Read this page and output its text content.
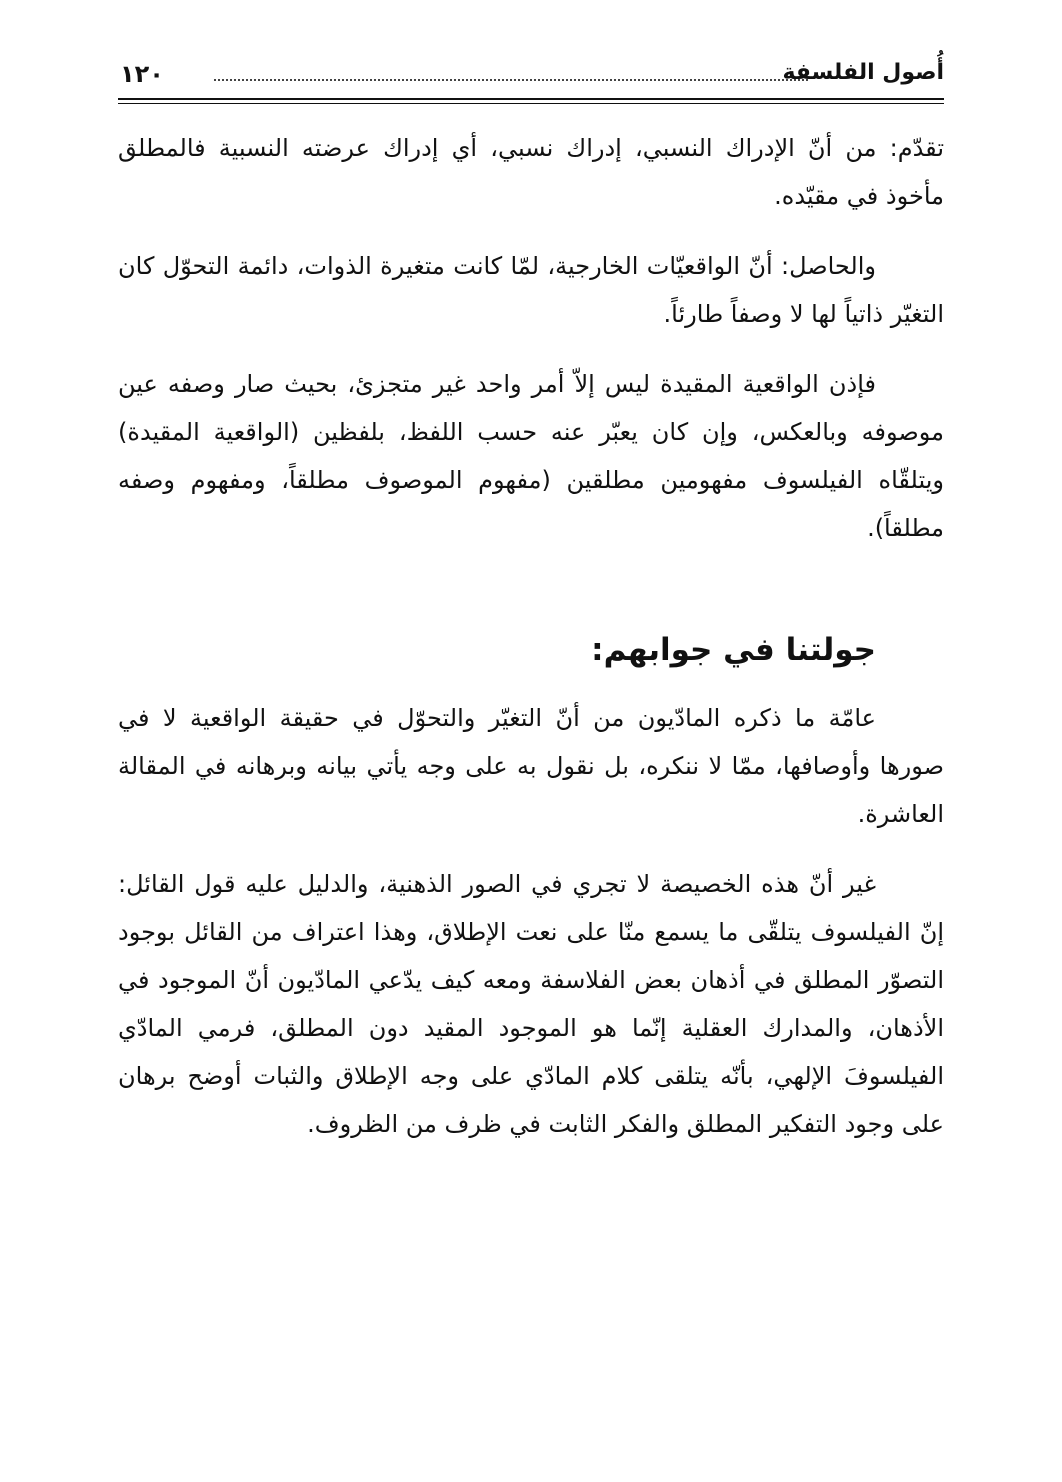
أُصول الفلسفة
١٢٠

تقدّم: من أنّ الإدراك النسبي، إدراك نسبي، أي إدراك عرضته النسبية فالمطلق مأخوذ في مقيّده.

والحاصل: أنّ الواقعيّات الخارجية، لمّا كانت متغيرة الذوات، دائمة التحوّل كان التغيّر ذاتياً لها لا وصفاً طارئاً.

فإذن الواقعية المقيدة ليس إلاّ أمر واحد غير متجزئ، بحيث صار وصفه عين موصوفه وبالعكس، وإن كان يعبّر عنه حسب اللفظ، بلفظين (الواقعية المقيدة) ويتلقّاه الفيلسوف مفهومين مطلقين (مفهوم الموصوف مطلقاً، ومفهوم وصفه مطلقاً).

جولتنا في جوابهم:

عامّة ما ذكره المادّيون من أنّ التغيّر والتحوّل في حقيقة الواقعية لا في صورها وأوصافها، ممّا لا ننكره، بل نقول به على وجه يأتي بيانه وبرهانه في المقالة العاشرة.

غير أنّ هذه الخصيصة لا تجري في الصور الذهنية، والدليل عليه قول القائل: إنّ الفيلسوف يتلقّى ما يسمع منّا على نعت الإطلاق، وهذا اعتراف من القائل بوجود التصوّر المطلق في أذهان بعض الفلاسفة ومعه كيف يدّعي المادّيون أنّ الموجود في الأذهان، والمدارك العقلية إنّما هو الموجود المقيد دون المطلق، فرمي المادّي الفيلسوفَ الإلهي، بأنّه يتلقى كلام المادّي على وجه الإطلاق والثبات أوضح برهان على وجود التفكير المطلق والفكر الثابت في ظرف من الظروف.
